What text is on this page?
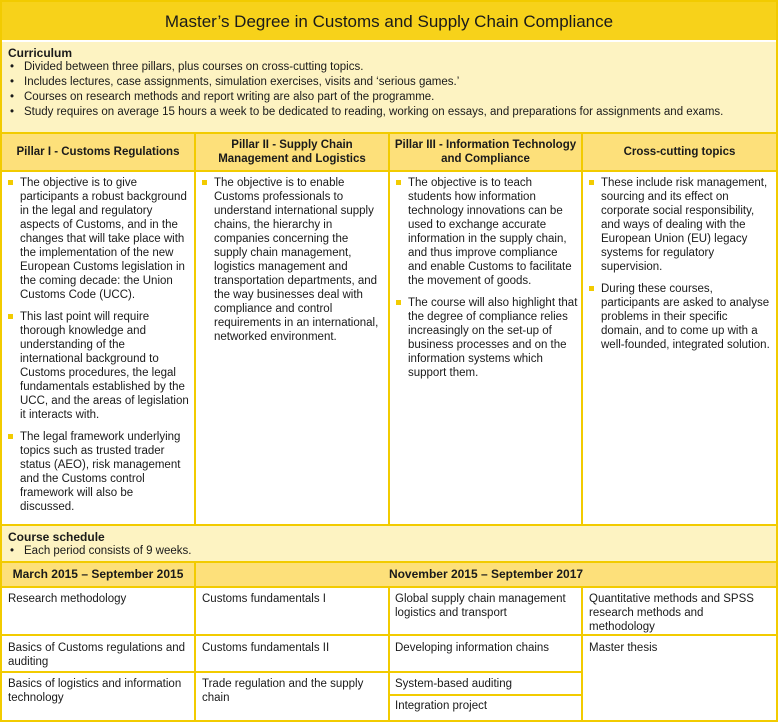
Master’s Degree in Customs and Supply Chain Compliance
Curriculum
• Divided between three pillars, plus courses on cross-cutting topics.
• Includes lectures, case assignments, simulation exercises, visits and ‘serious games.’
• Courses on research methods and report writing are also part of the programme.
• Study requires on average 15 hours a week to be dedicated to reading, working on essays, and preparations for assignments and exams.
Pillar I - Customs Regulations
Pillar II - Supply Chain Management and Logistics
Pillar III - Information Technology and Compliance
Cross-cutting topics
The objective is to give participants a robust background in the legal and regulatory aspects of Customs, and in the changes that will take place with the implementation of the new European Customs legislation in the coming decade: the Union Customs Code (UCC).
This last point will require thorough knowledge and understanding of the international background to Customs procedures, the legal fundamentals established by the UCC, and the areas of legislation it interacts with.
The legal framework underlying topics such as trusted trader status (AEO), risk management and the Customs control framework will also be discussed.
The objective is to enable Customs professionals to understand international supply chains, the hierarchy in companies concerning the supply chain management, logistics management and transportation departments, and the way businesses deal with compliance and control requirements in an international, networked environment.
The objective is to teach students how information technology innovations can be used to exchange accurate information in the supply chain, and thus improve compliance and enable Customs to facilitate the movement of goods.
The course will also highlight that the degree of compliance relies increasingly on the set-up of business processes and on the information systems which support them.
These include risk management, sourcing and its effect on corporate social responsibility, and ways of dealing with the European Union (EU) legacy systems for regulatory supervision.
During these courses, participants are asked to analyse problems in their specific domain, and to come up with a well-founded, integrated solution.
Course schedule
• Each period consists of 9 weeks.
March 2015 – September 2015	November 2015 – September 2017
Research methodology
Basics of Customs regulations and auditing
Basics of logistics and information technology
Customs fundamentals I
Customs fundamentals II
Trade regulation and the supply chain
Global supply chain management logistics and transport
Developing information chains
System-based auditing
Integration project
Quantitative methods and SPSS research methods and methodology
Master thesis
